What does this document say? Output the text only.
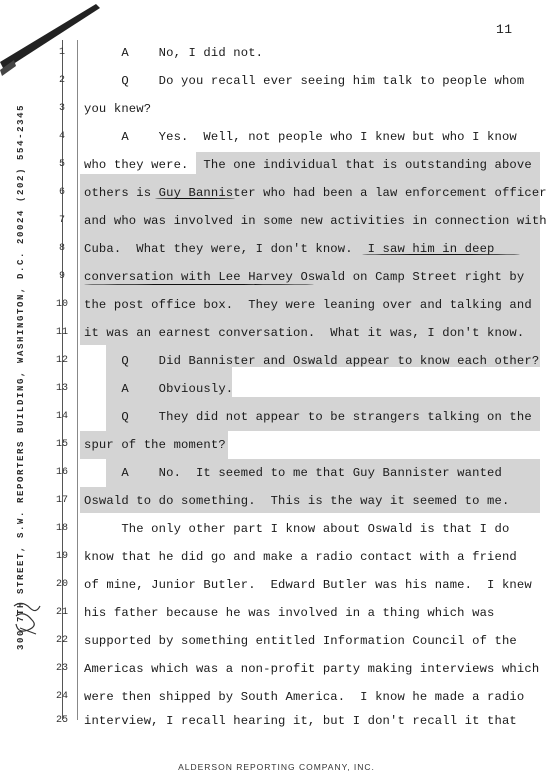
11
300 7TH STREET, S.W. REPORTERS BUILDING, WASHINGTON, D.C. 20024 (202) 554-2345
1
2
3
4
5
6
7
8
9
10
11
12
13
14
15
16
17
18
19
20
21
22
23
24
25
A    No, I did not.
Q    Do you recall ever seeing him talk to people whom
you knew?
A    Yes.  Well, not people who I knew but who I know
who they were.  The one individual that is outstanding above
others is Guy Bannister who had been a law enforcement officer
and who was involved in some new activities in connection with
Cuba.  What they were, I don't know.  I saw him in deep
conversation with Lee Harvey Oswald on Camp Street right by
the post office box.  They were leaning over and talking and
it was an earnest conversation.  What it was, I don't know.
Q    Did Bannister and Oswald appear to know each other?
A    Obviously.
Q    They did not appear to be strangers talking on the
spur of the moment?
A    No.  It seemed to me that Guy Bannister wanted
Oswald to do something.  This is the way it seemed to me.
The only other part I know about Oswald is that I do
know that he did go and make a radio contact with a friend
of mine, Junior Butler.  Edward Butler was his name.  I knew
his father because he was involved in a thing which was
supported by something entitled Information Council of the
Americas which was a non-profit party making interviews which
were then shipped by South America.  I know he made a radio
interview, I recall hearing it, but I don't recall it that
ALDERSON REPORTING COMPANY, INC.
